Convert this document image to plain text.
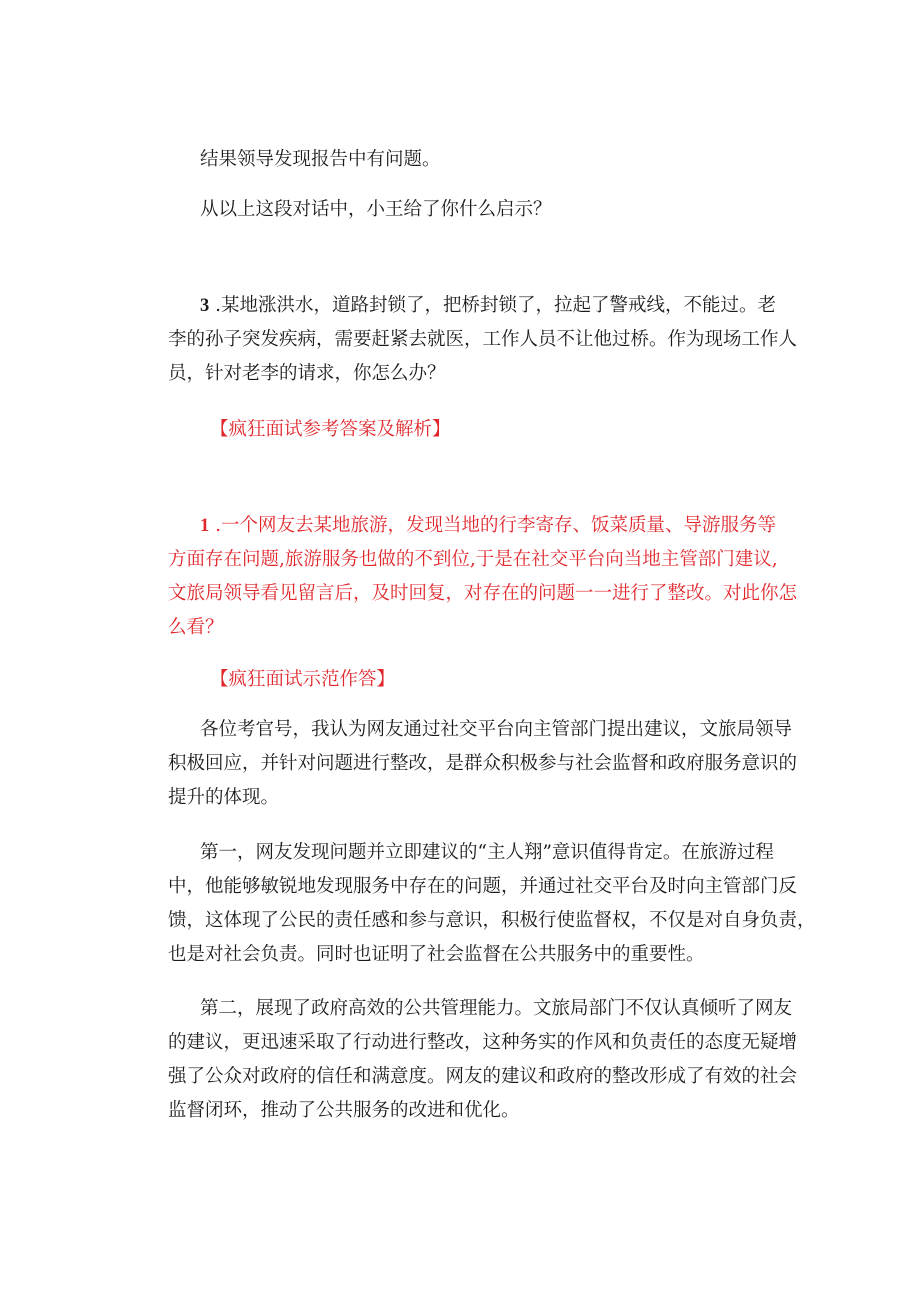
结果领导发现报告中有问题。
从以上这段对话中，小王给了你什么启示？
3 .某地涨洪水，道路封锁了，把桥封锁了，拉起了警戒线，不能过。老
李的孙子突发疾病，需要赶紧去就医，工作人员不让他过桥。作为现场工作人
员，针对老李的请求，你怎么办？
【疯狂面试参考答案及解析】
1 .一个网友去某地旅游，发现当地的行李寄存、饭菜质量、导游服务等
方面存在问题,旅游服务也做的不到位,于是在社交平台向当地主管部门建议,
文旅局领导看见留言后，及时回复，对存在的问题一一进行了整改。对此你怎
么看？
【疯狂面试示范作答】
各位考官号，我认为网友通过社交平台向主管部门提出建议，文旅局领导
积极回应，并针对问题进行整改，是群众积极参与社会监督和政府服务意识的
提升的体现。
第一，网友发现问题并立即建议的“主人翔”意识值得肯定。在旅游过程
中，他能够敏锐地发现服务中存在的问题，并通过社交平台及时向主管部门反
馈，这体现了公民的责任感和参与意识，积极行使监督权，不仅是对自身负责，
也是对社会负责。同时也证明了社会监督在公共服务中的重要性。
第二，展现了政府高效的公共管理能力。文旅局部门不仅认真倾听了网友
的建议，更迅速采取了行动进行整改，这种务实的作风和负责任的态度无疑增
强了公众对政府的信任和满意度。网友的建议和政府的整改形成了有效的社会
监督闭环，推动了公共服务的改进和优化。
